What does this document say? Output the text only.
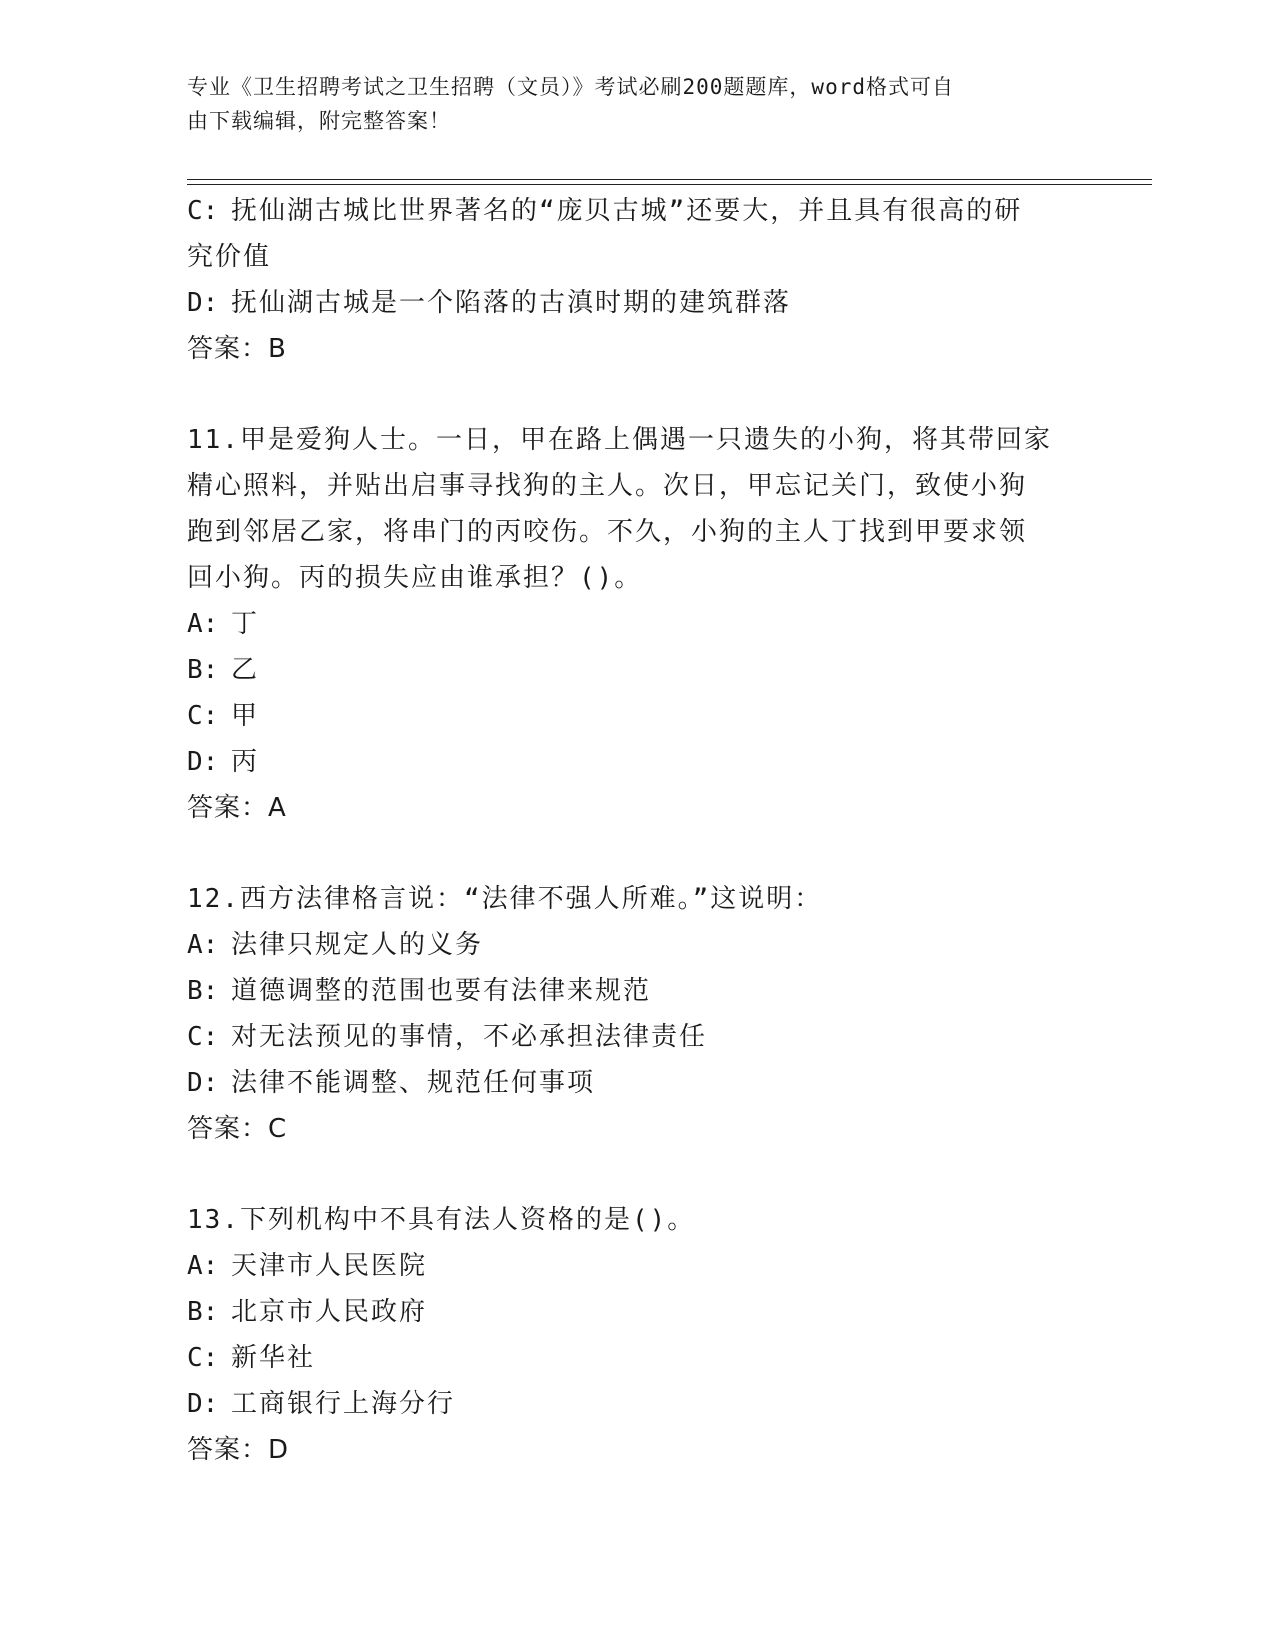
专业《卫生招聘考试之卫生招聘（文员）》考试必刷200题题库，word格式可自
由下载编辑，附完整答案！

C: 抚仙湖古城比世界著名的“庞贝古城”还要大，并且具有很高的研

究价值

D: 抚仙湖古城是一个陷落的古滇时期的建筑群落

答案：B

11.甲是爱狗人士。一日，甲在路上偶遇一只遗失的小狗，将其带回家

精心照料，并贴出启事寻找狗的主人。次日，甲忘记关门，致使小狗

跑到邻居乙家，将串门的丙咬伤。不久，小狗的主人丁找到甲要求领

回小狗。丙的损失应由谁承担？()。

A: 丁

B: 乙

C: 甲

D: 丙

答案：A

12.西方法律格言说：“法律不强人所难。”这说明：

A: 法律只规定人的义务

B: 道德调整的范围也要有法律来规范

C: 对无法预见的事情，不必承担法律责任

D: 法律不能调整、规范任何事项

答案：C

13.下列机构中不具有法人资格的是()。

A: 天津市人民医院

B: 北京市人民政府

C: 新华社

D: 工商银行上海分行

答案：D
